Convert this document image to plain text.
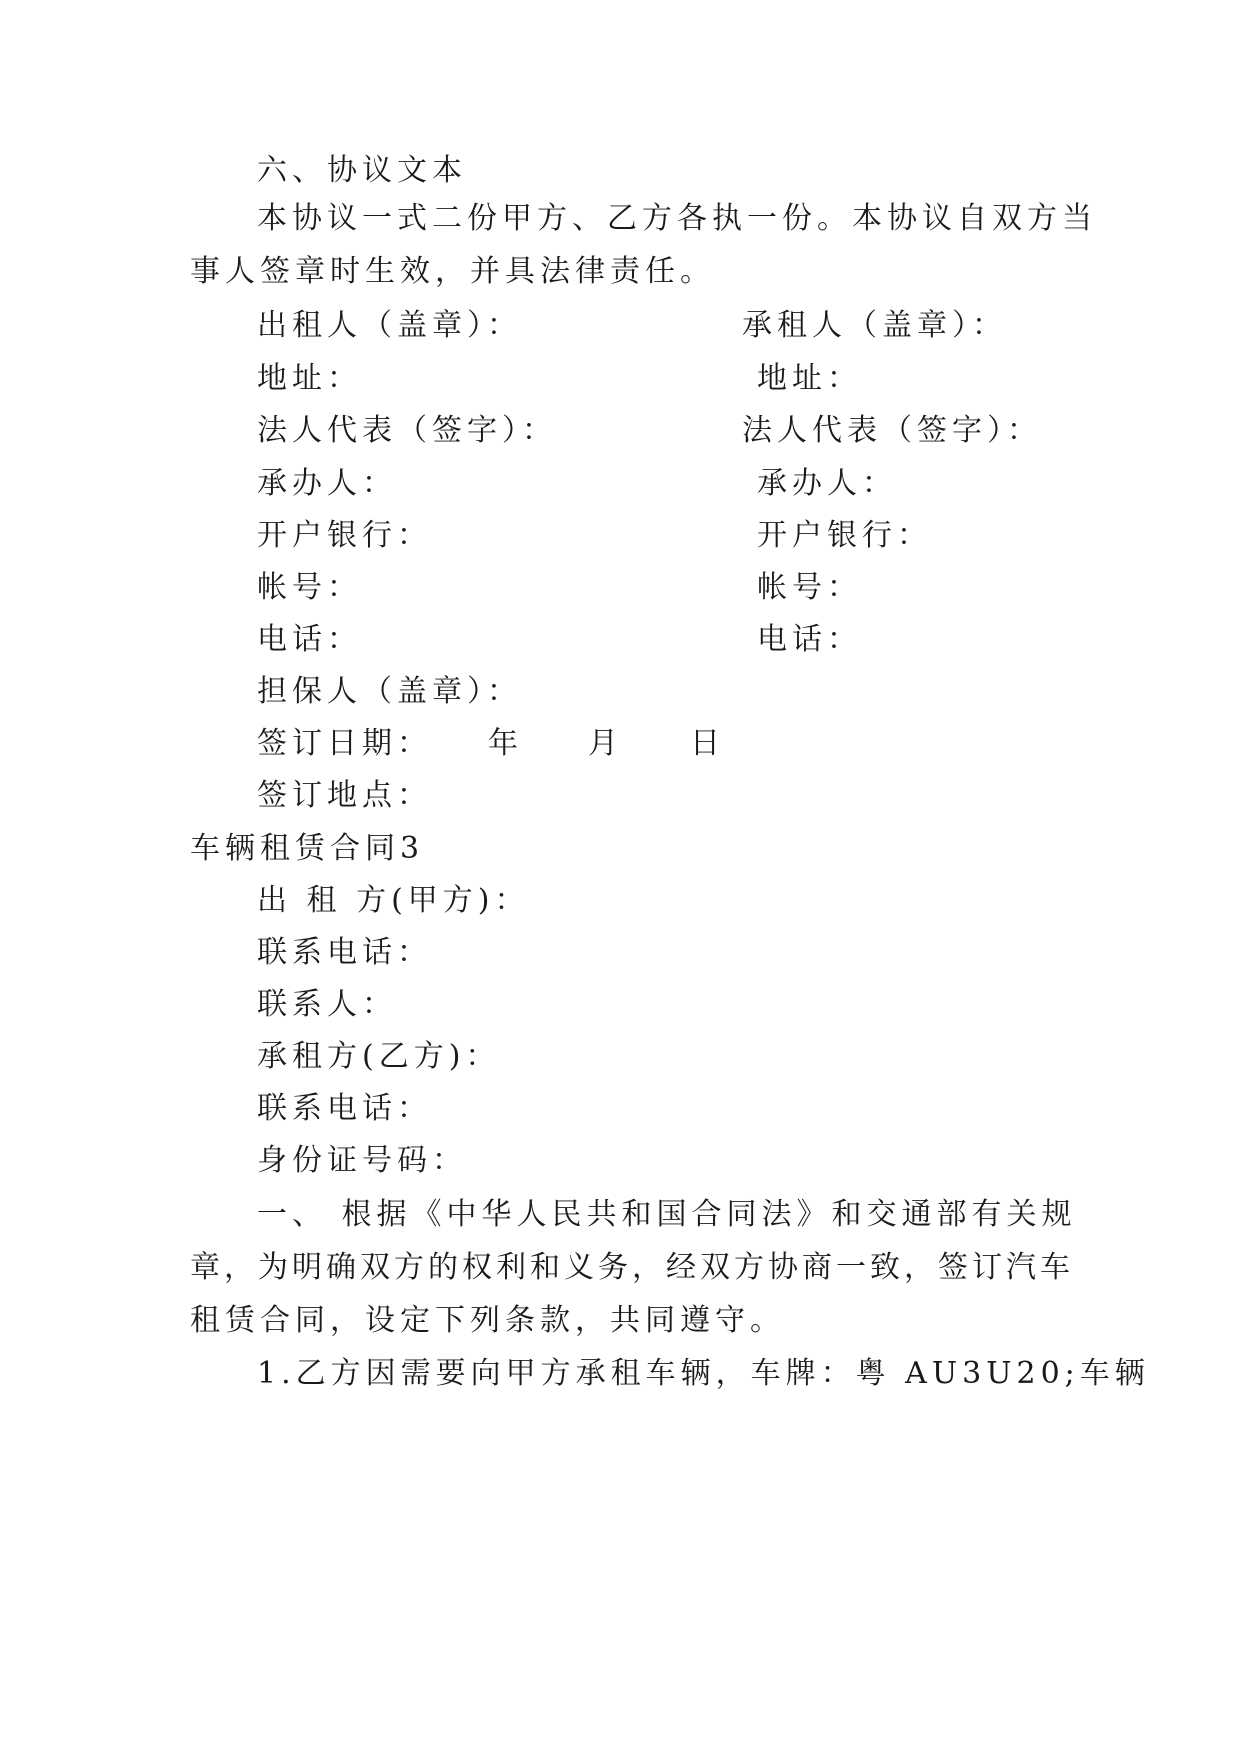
六、协议文本
本协议一式二份甲方、乙方各执一份。本协议自双方当
事人签章时生效，并具法律责任。
出租人（盖章）：	承租人（盖章）：
地址：	地址：
法人代表（签字）：	法人代表（签字）：
承办人：	承办人：
开户银行：	开户银行：
帐号：	帐号：
电话：	电话：
担保人（盖章）：
签订日期： 年 月 日
签订地点：
车辆租赁合同3
出 租 方(甲方)：
联系电话：
联系人：
承租方(乙方)：
联系电话：
身份证号码：
一、 根据《中华人民共和国合同法》和交通部有关规
章，为明确双方的权利和义务，经双方协商一致，签订汽车
租赁合同，设定下列条款，共同遵守。
1.乙方因需要向甲方承租车辆，车牌：粤 AU3U20;车辆
